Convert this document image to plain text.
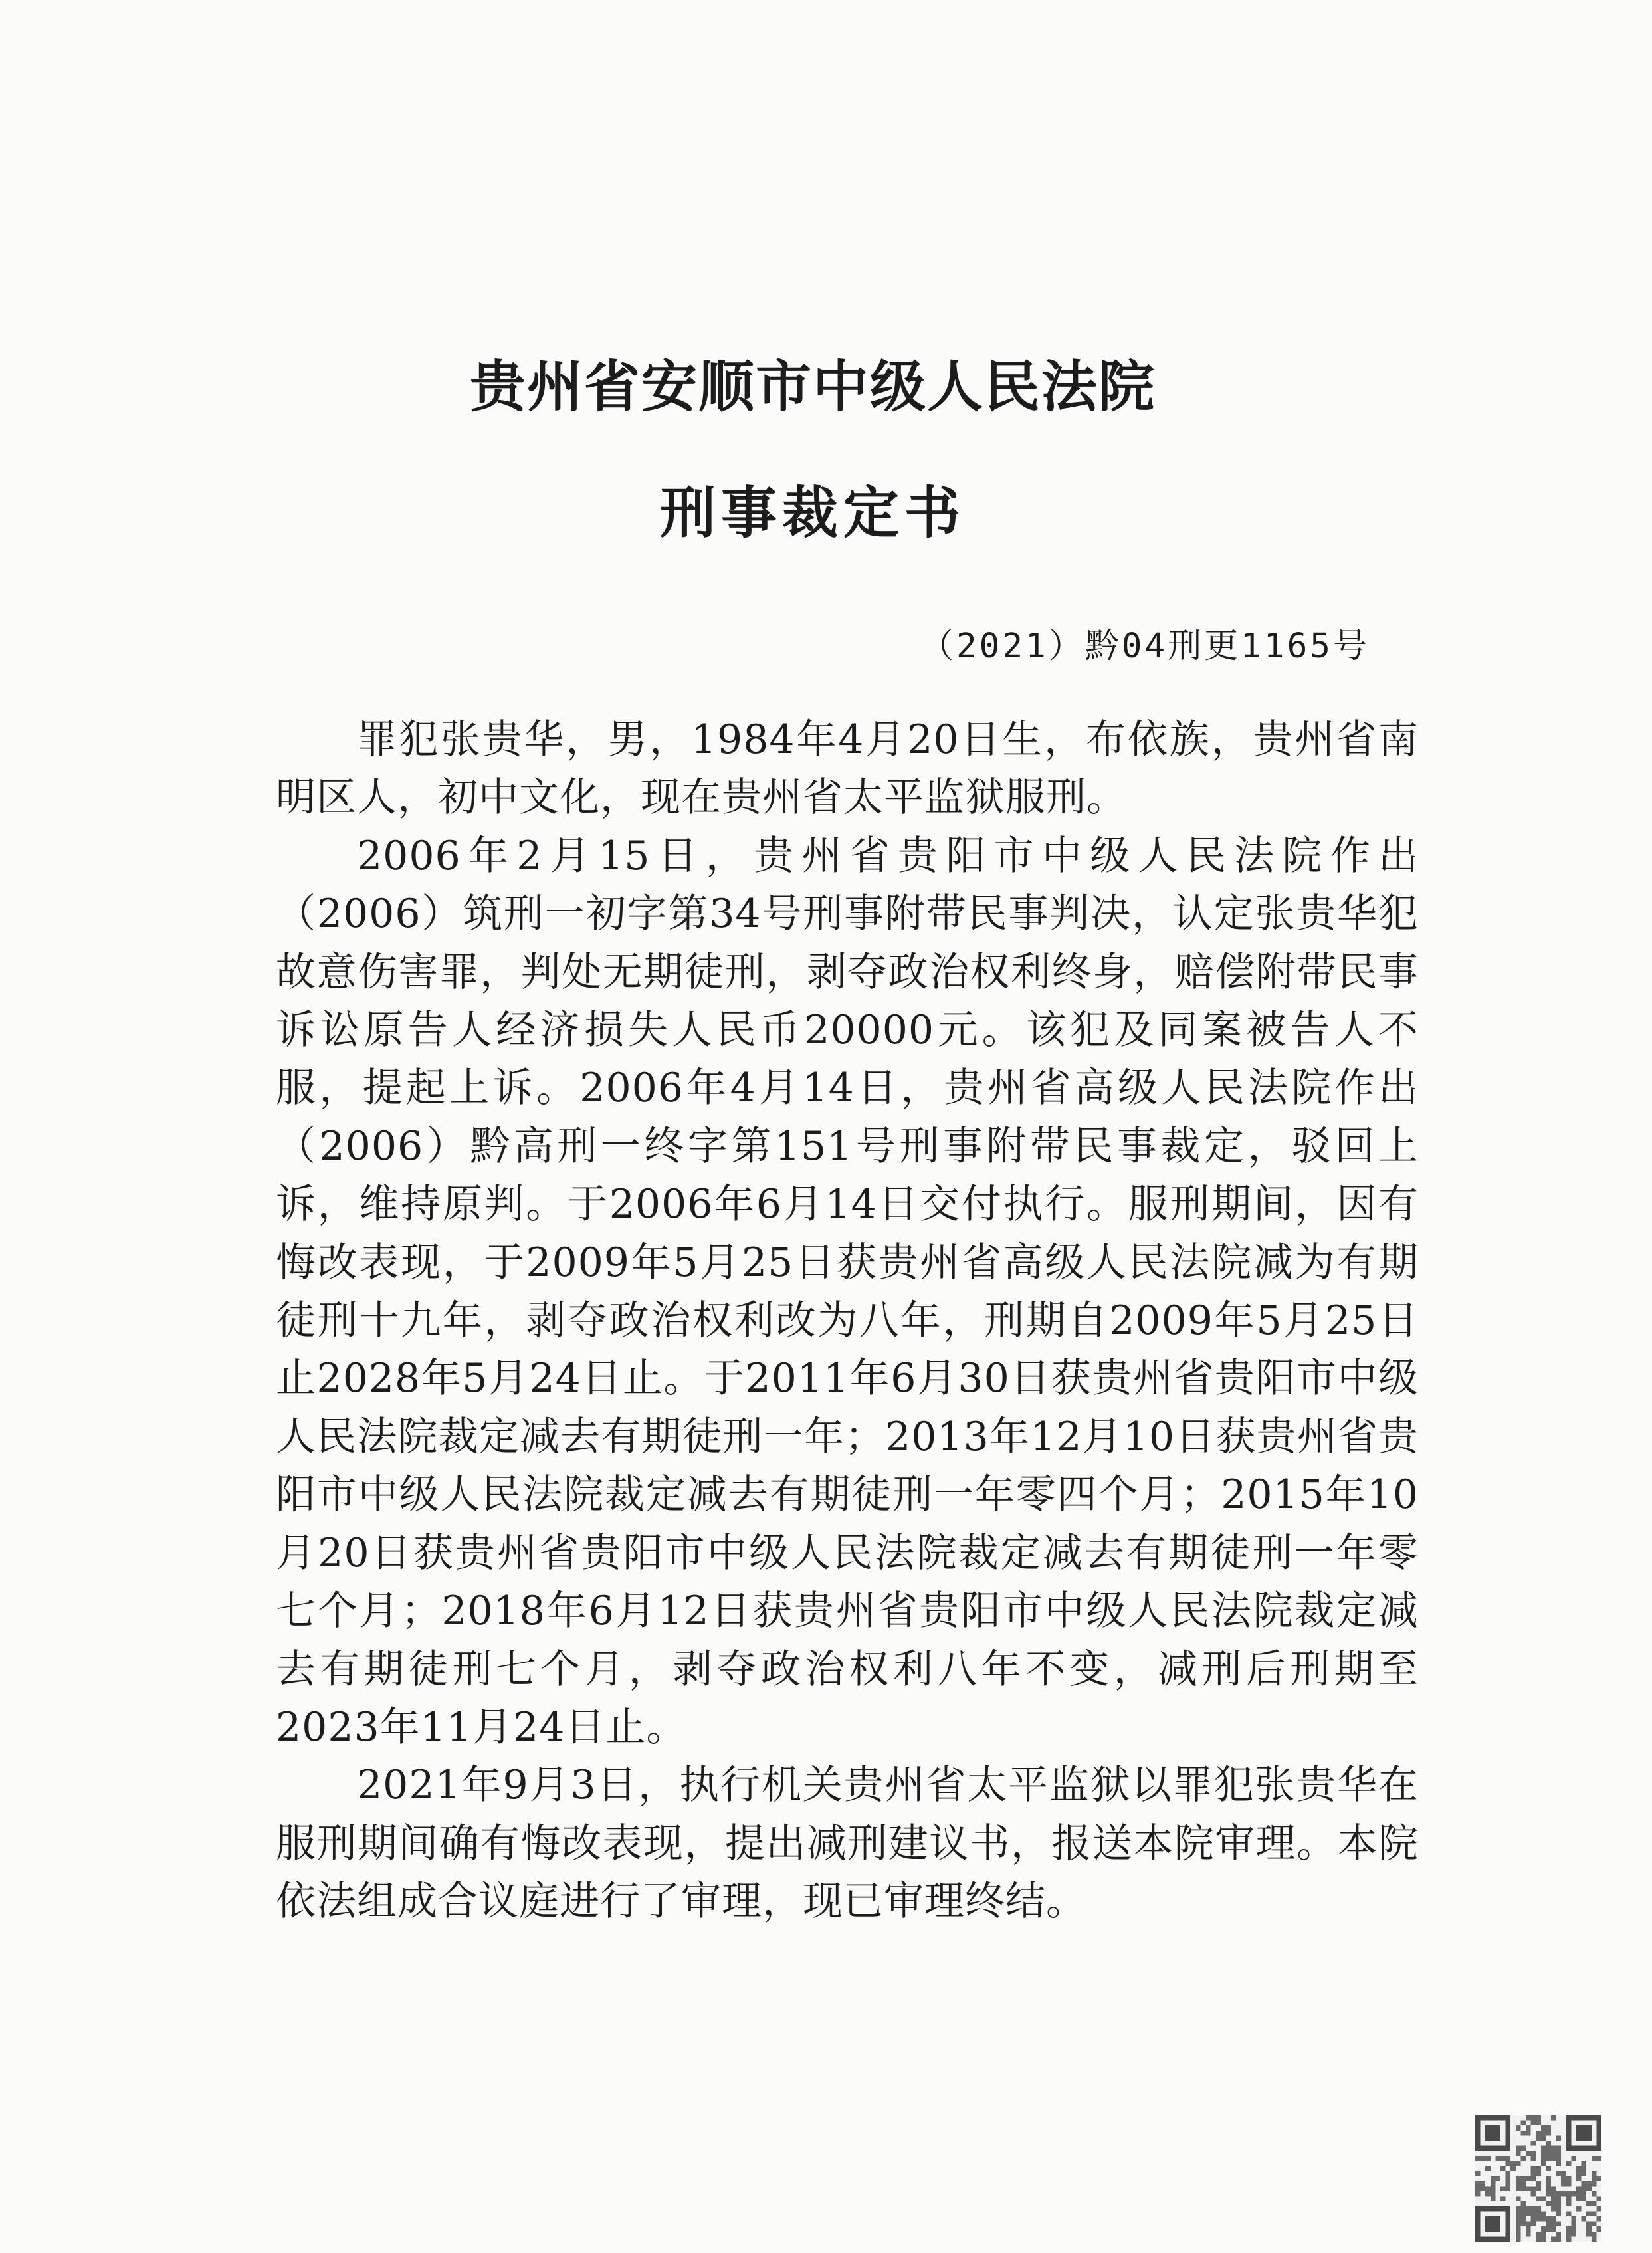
贵州省安顺市中级人民法院
刑事裁定书
（2021）黔04刑更1165号

罪犯张贵华，男，1984年4月20日生，布依族，贵州省南明区人，初中文化，现在贵州省太平监狱服刑。

2006年2月15日，贵州省贵阳市中级人民法院作出（2006）筑刑一初字第34号刑事附带民事判决，认定张贵华犯故意伤害罪，判处无期徒刑，剥夺政治权利终身，赔偿附带民事诉讼原告人经济损失人民币20000元。该犯及同案被告人不服，提起上诉。2006年4月14日，贵州省高级人民法院作出（2006）黔高刑一终字第151号刑事附带民事裁定，驳回上诉，维持原判。于2006年6月14日交付执行。服刑期间，因有悔改表现，于2009年5月25日获贵州省高级人民法院减为有期徒刑十九年，剥夺政治权利改为八年，刑期自2009年5月25日止2028年5月24日止。于2011年6月30日获贵州省贵阳市中级人民法院裁定减去有期徒刑一年；2013年12月10日获贵州省贵阳市中级人民法院裁定减去有期徒刑一年零四个月；2015年10月20日获贵州省贵阳市中级人民法院裁定减去有期徒刑一年零七个月；2018年6月12日获贵州省贵阳市中级人民法院裁定减去有期徒刑七个月，剥夺政治权利八年不变，减刑后刑期至2023年11月24日止。

2021年9月3日，执行机关贵州省太平监狱以罪犯张贵华在服刑期间确有悔改表现，提出减刑建议书，报送本院审理。本院依法组成合议庭进行了审理，现已审理终结。
